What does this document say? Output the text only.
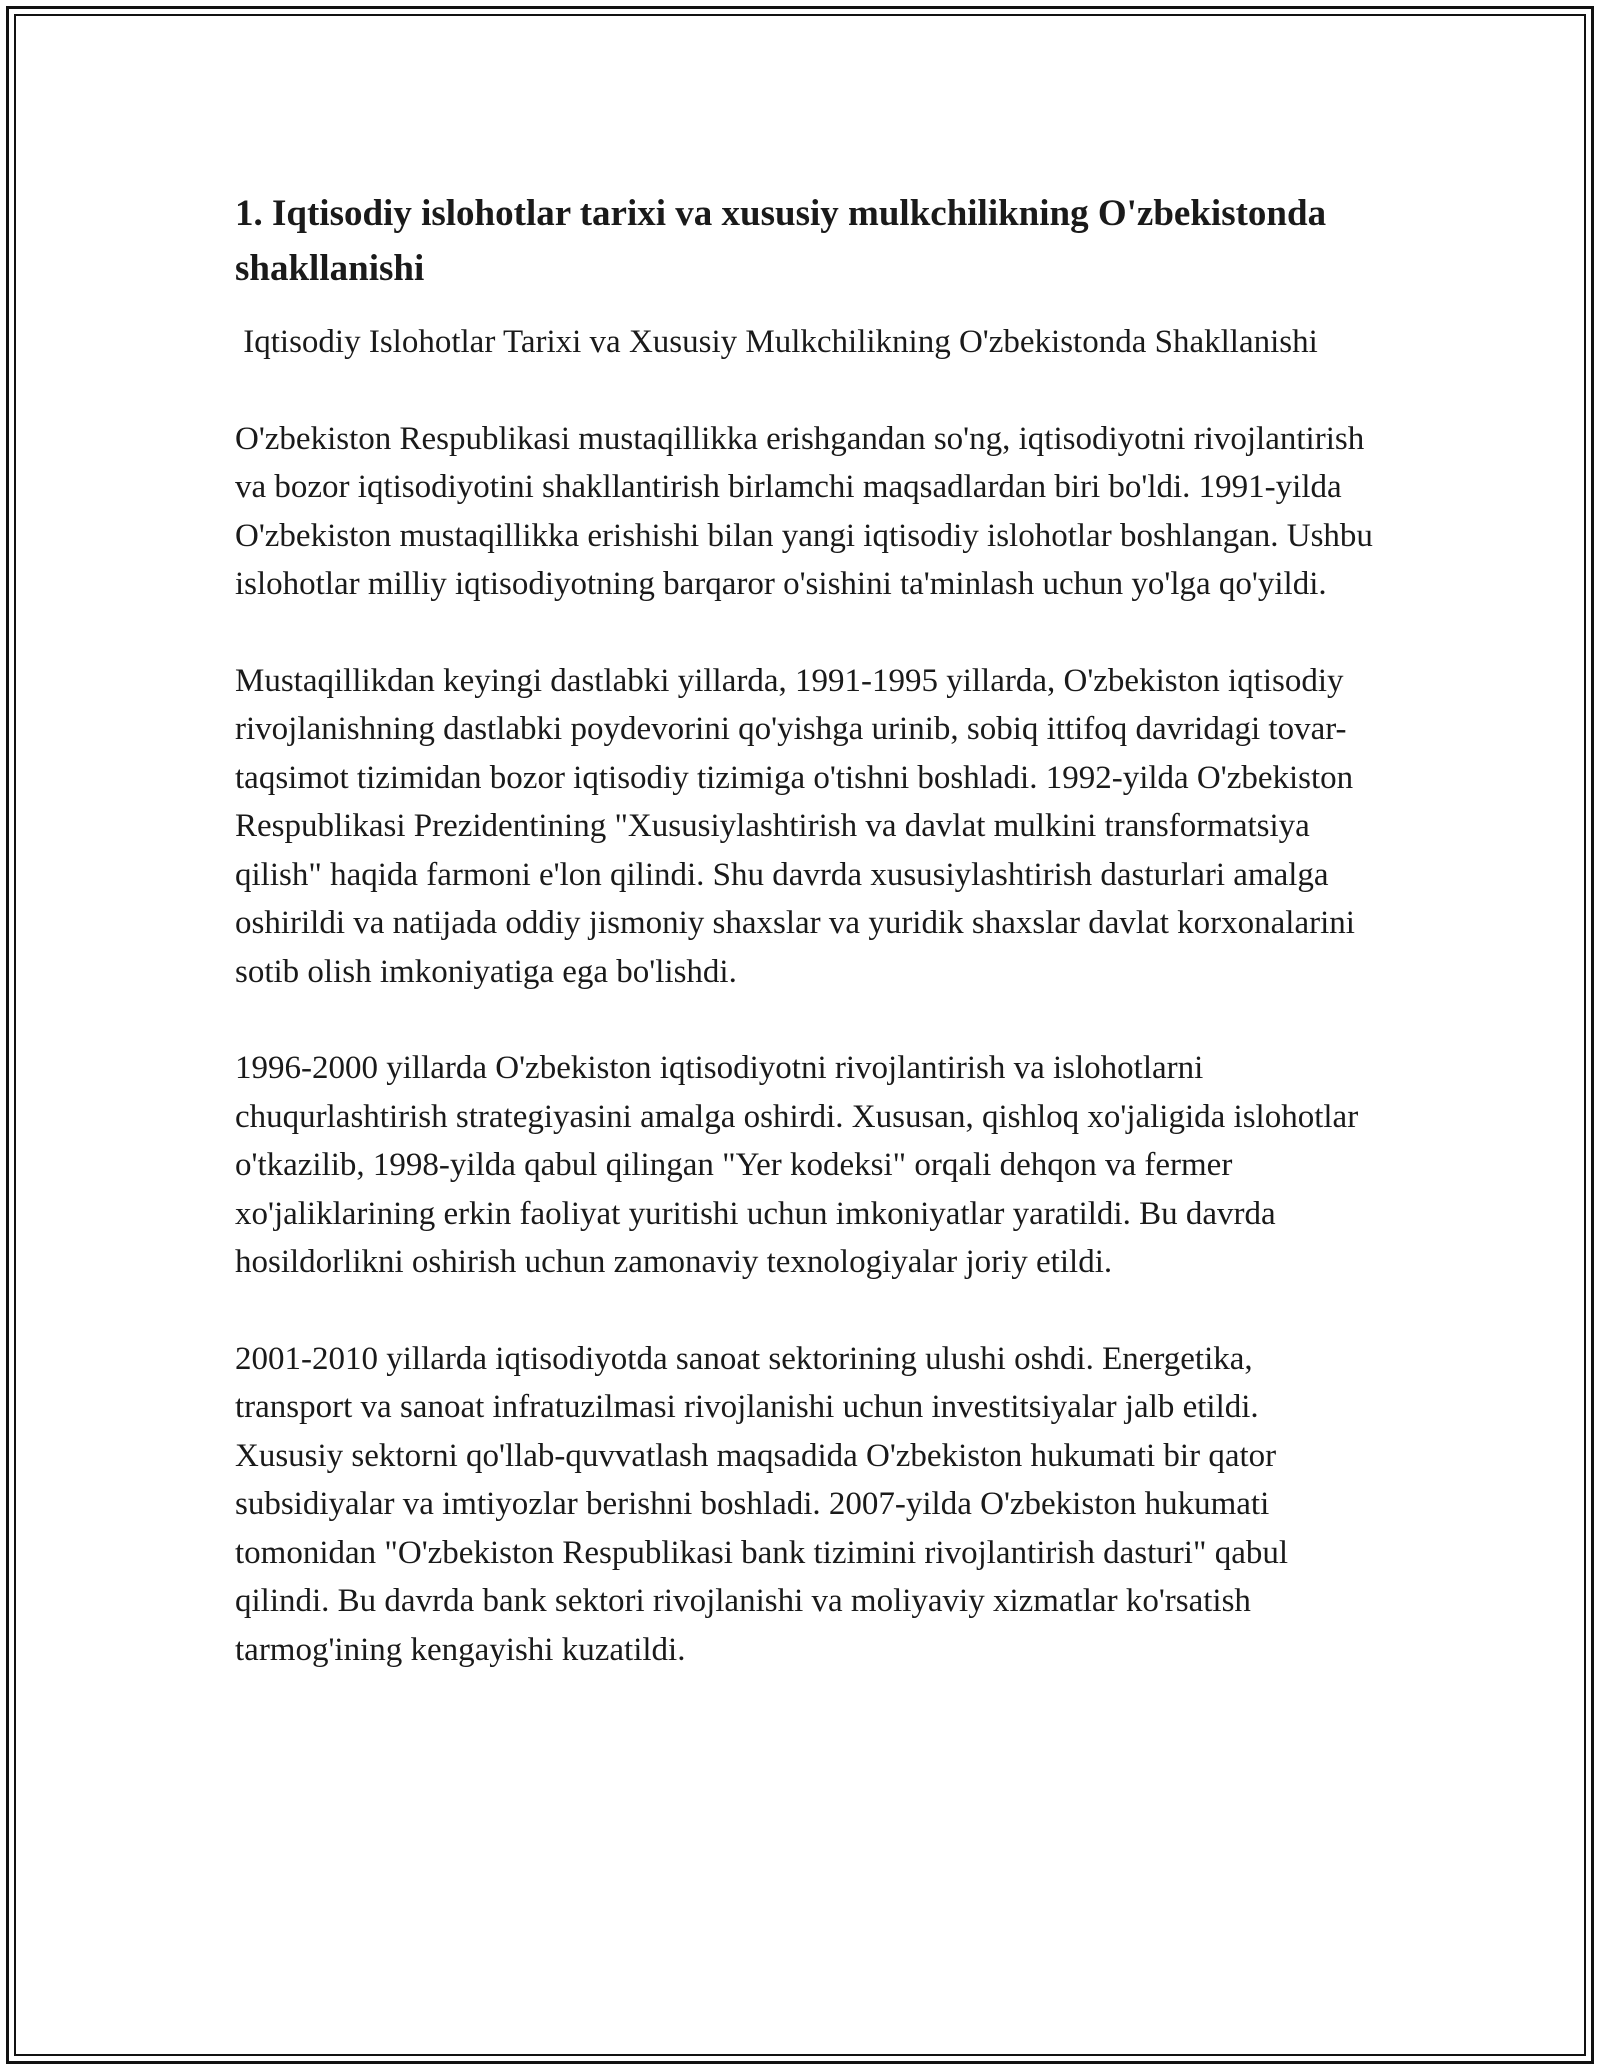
1. Iqtisodiy islohotlar tarixi va xususiy mulkchilikning O'zbekistonda shakllanishi

Iqtisodiy Islohotlar Tarixi va Xususiy Mulkchilikning O'zbekistonda Shakllanishi

O'zbekiston Respublikasi mustaqillikka erishgandan so'ng, iqtisodiyotni rivojlantirish va bozor iqtisodiyotini shakllantirish birlamchi maqsadlardan biri bo'ldi. 1991-yilda O'zbekiston mustaqillikka erishishi bilan yangi iqtisodiy islohotlar boshlangan. Ushbu islohotlar milliy iqtisodiyotning barqaror o'sishini ta'minlash uchun yo'lga qo'yildi.

Mustaqillikdan keyingi dastlabki yillarda, 1991-1995 yillarda, O'zbekiston iqtisodiy rivojlanishning dastlabki poydevorini qo'yishga urinib, sobiq ittifoq davridagi tovar-taqsimot tizimidan bozor iqtisodiy tizimiga o'tishni boshladi. 1992-yilda O'zbekiston Respublikasi Prezidentining "Xususiylashtirish va davlat mulkini transformatsiya qilish" haqida farmoni e'lon qilindi. Shu davrda xususiylashtirish dasturlari amalga oshirildi va natijada oddiy jismoniy shaxslar va yuridik shaxslar davlat korxonalarini sotib olish imkoniyatiga ega bo'lishdi.

1996-2000 yillarda O'zbekiston iqtisodiyotni rivojlantirish va islohotlarni chuqurlashtirish strategiyasini amalga oshirdi. Xususan, qishloq xo'jaligida islohotlar o'tkazilib, 1998-yilda qabul qilingan "Yer kodeksi" orqali dehqon va fermer xo'jaliklarining erkin faoliyat yuritishi uchun imkoniyatlar yaratildi. Bu davrda hosildorlikni oshirish uchun zamonaviy texnologiyalar joriy etildi.

2001-2010 yillarda iqtisodiyotda sanoat sektorining ulushi oshdi. Energetika, transport va sanoat infratuzilmasi rivojlanishi uchun investitsiyalar jalb etildi. Xususiy sektorni qo'llab-quvvatlash maqsadida O'zbekiston hukumati bir qator subsidiyalar va imtiyozlar berishni boshladi. 2007-yilda O'zbekiston hukumati tomonidan "O'zbekiston Respublikasi bank tizimini rivojlantirish dasturi" qabul qilindi. Bu davrda bank sektori rivojlanishi va moliyaviy xizmatlar ko'rsatish tarmog'ining kengayishi kuzatildi.
